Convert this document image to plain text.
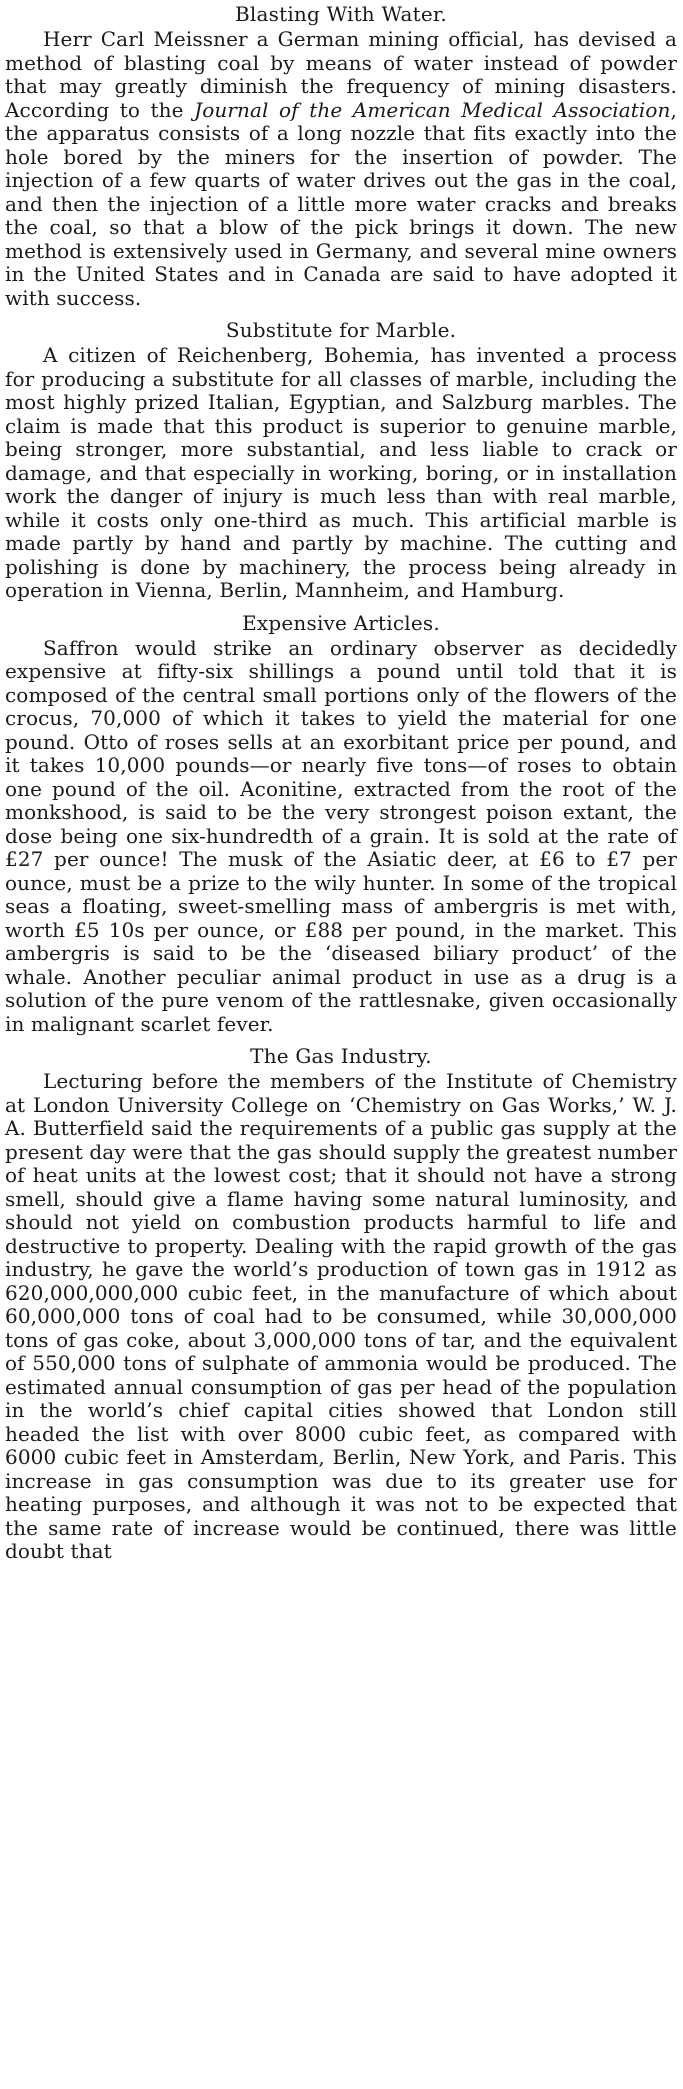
Blasting With Water.

Herr Carl Meissner a German mining official, has devised a method of blasting coal by means of water instead of powder that may greatly diminish the frequency of mining disasters. According to the Journal of the American Medical Association, the apparatus consists of a long nozzle that fits exactly into the hole bored by the miners for the insertion of powder. The injection of a few quarts of water drives out the gas in the coal, and then the injection of a little more water cracks and breaks the coal, so that a blow of the pick brings it down. The new method is extensively used in Germany, and several mine owners in the United States and in Canada are said to have adopted it with success.

Substitute for Marble.

A citizen of Reichenberg, Bohemia, has invented a process for producing a substitute for all classes of marble, including the most highly prized Italian, Egyptian, and Salzburg marbles. The claim is made that this product is superior to genuine marble, being stronger, more substantial, and less liable to crack or damage, and that especially in working, boring, or in installation work the danger of injury is much less than with real marble, while it costs only one-third as much. This artificial marble is made partly by hand and partly by machine. The cutting and polishing is done by machinery, the process being already in operation in Vienna, Berlin, Mannheim, and Hamburg.

Expensive Articles.

Saffron would strike an ordinary observer as decidedly expensive at fifty-six shillings a pound until told that it is composed of the central small portions only of the flowers of the crocus, 70,000 of which it takes to yield the material for one pound. Otto of roses sells at an exorbitant price per pound, and it takes 10,000 pounds—or nearly five tons—of roses to obtain one pound of the oil. Aconitine, extracted from the root of the monkshood, is said to be the very strongest poison extant, the dose being one six-hundredth of a grain. It is sold at the rate of £27 per ounce! The musk of the Asiatic deer, at £6 to £7 per ounce, must be a prize to the wily hunter. In some of the tropical seas a floating, sweet-smelling mass of ambergris is met with, worth £5 10s per ounce, or £88 per pound, in the market. This ambergris is said to be the ‘diseased biliary product’ of the whale. Another peculiar animal product in use as a drug is a solution of the pure venom of the rattlesnake, given occasionally in malignant scarlet fever.

The Gas Industry.

Lecturing before the members of the Institute of Chemistry at London University College on ‘Chemistry on Gas Works,’ W. J. A. Butterfield said the requirements of a public gas supply at the present day were that the gas should supply the greatest number of heat units at the lowest cost; that it should not have a strong smell, should give a flame having some natural luminosity, and should not yield on combustion products harmful to life and destructive to property. Dealing with the rapid growth of the gas industry, he gave the world’s production of town gas in 1912 as 620,000,000,000 cubic feet, in the manufacture of which about 60,000,000 tons of coal had to be consumed, while 30,000,000 tons of gas coke, about 3,000,000 tons of tar, and the equivalent of 550,000 tons of sulphate of ammonia would be produced. The estimated annual consumption of gas per head of the population in the world’s chief capital cities showed that London still headed the list with over 8000 cubic feet, as compared with 6000 cubic feet in Amsterdam, Berlin, New York, and Paris. This increase in gas consumption was due to its greater use for heating purposes, and although it was not to be expected that the same rate of increase would be continued, there was little doubt that
